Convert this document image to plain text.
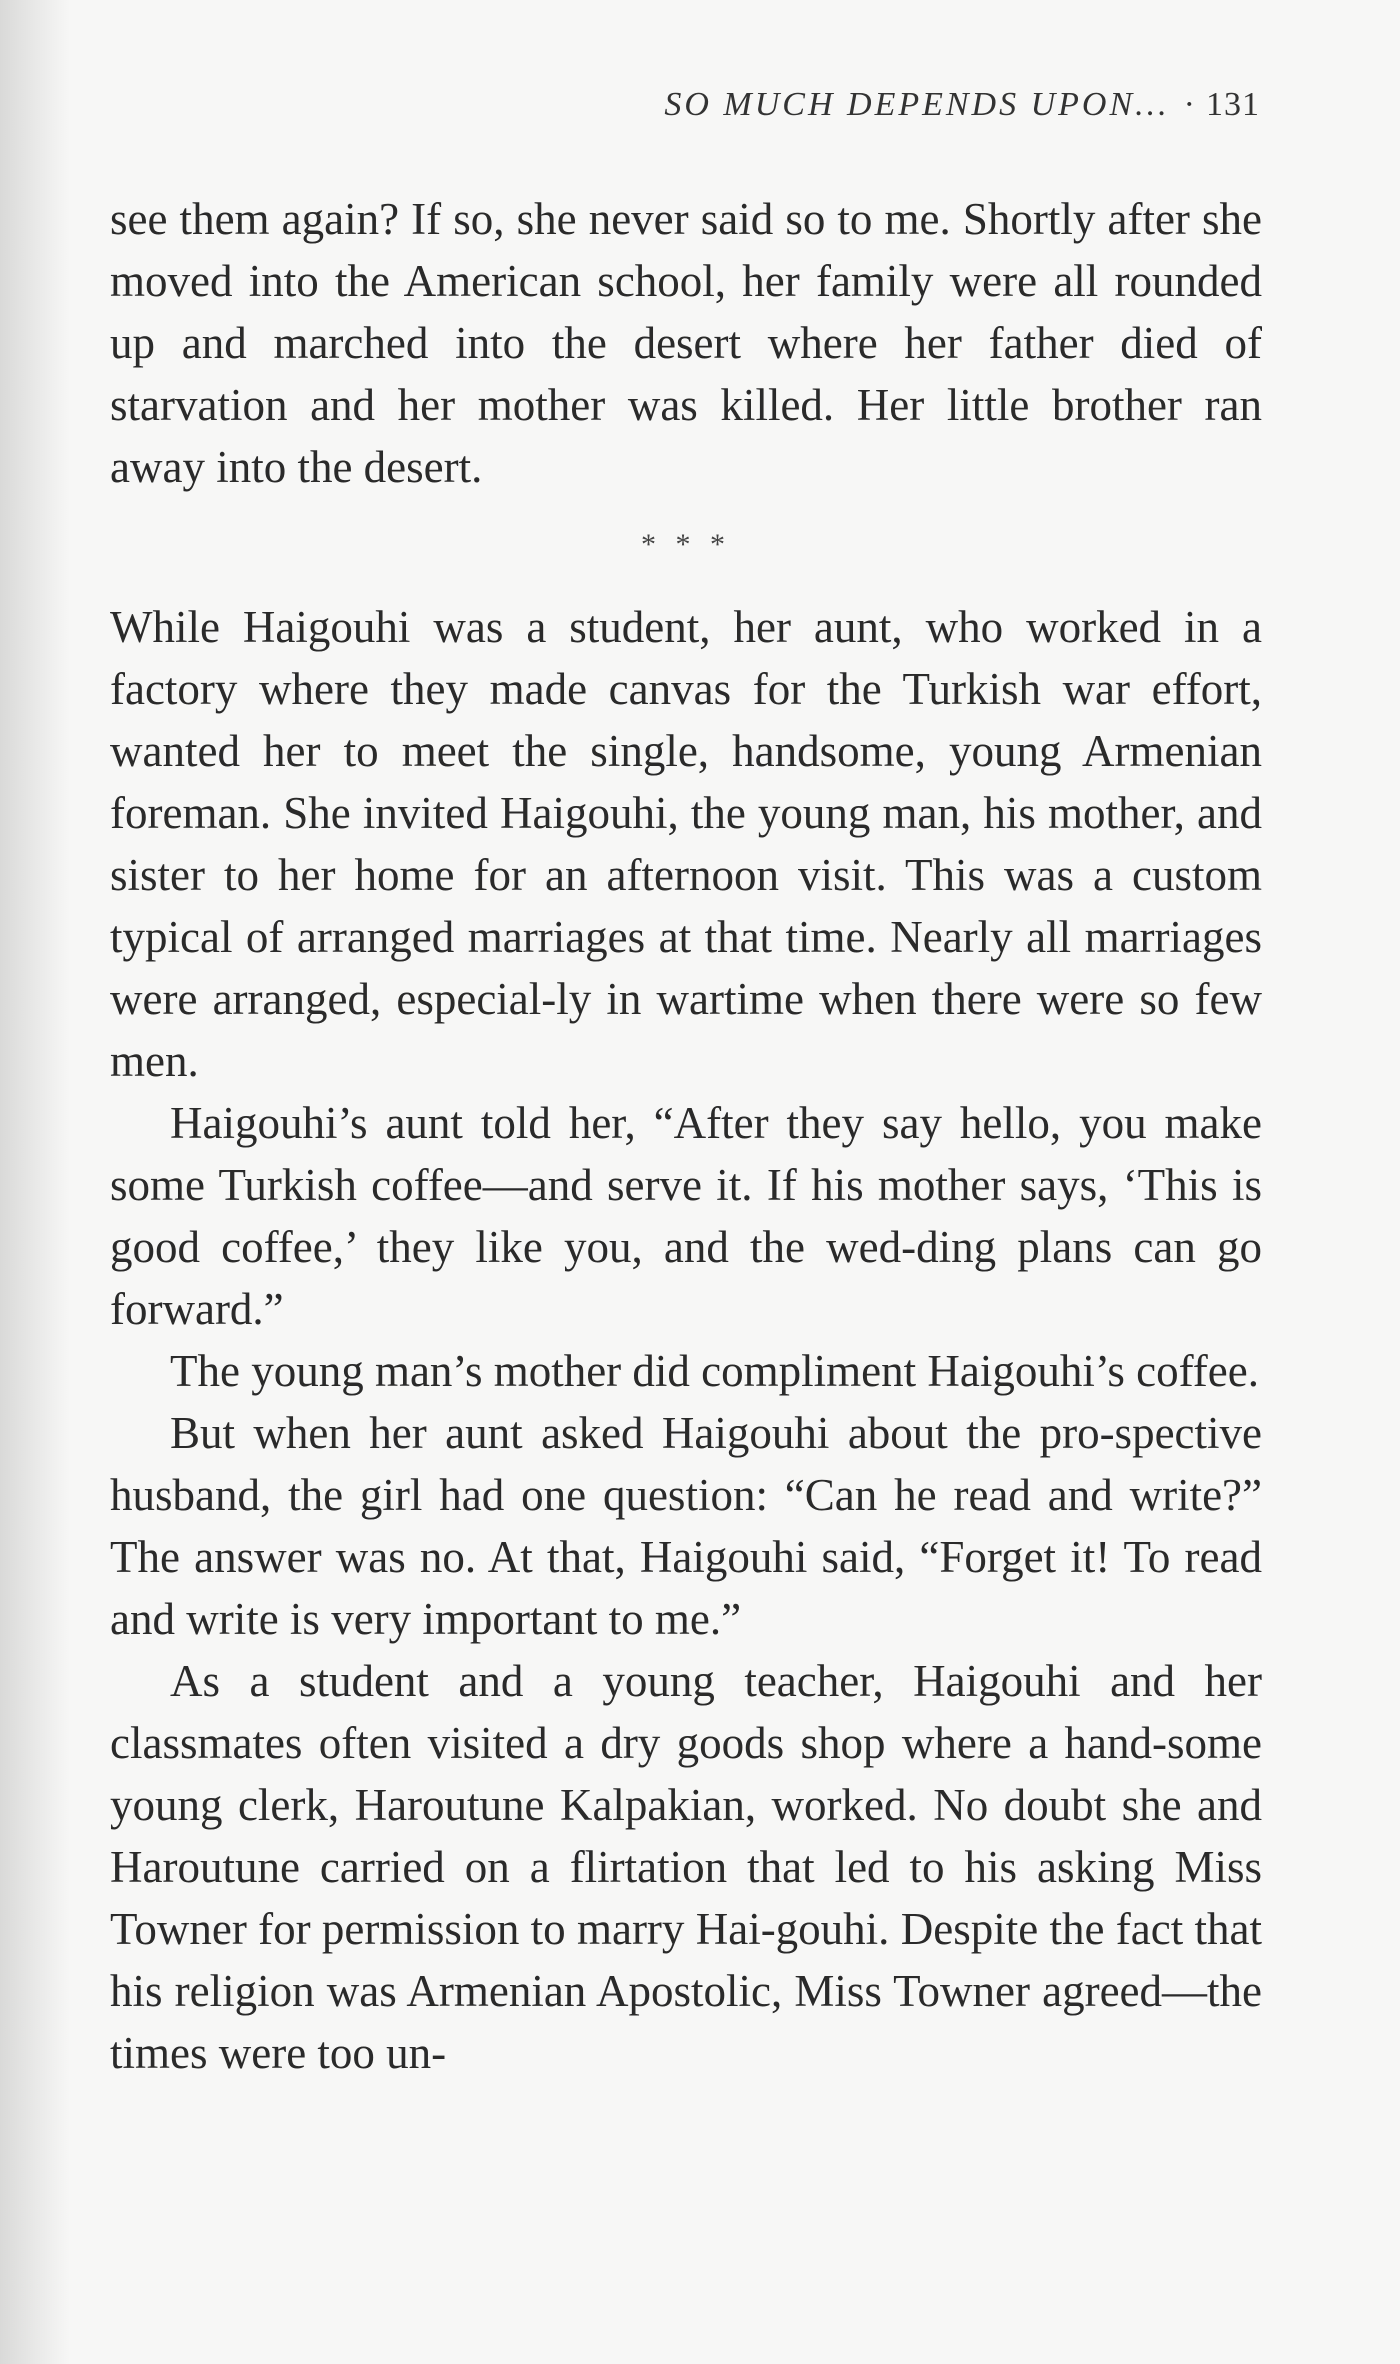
SO MUCH DEPENDS UPON... · 131

see them again? If so, she never said so to me. Shortly after she moved into the American school, her family were all rounded up and marched into the desert where her father died of starvation and her mother was killed. Her little brother ran away into the desert.

* * *

While Haigouhi was a student, her aunt, who worked in a factory where they made canvas for the Turkish war effort, wanted her to meet the single, handsome, young Armenian foreman. She invited Haigouhi, the young man, his mother, and sister to her home for an afternoon visit. This was a custom typical of arranged marriages at that time. Nearly all marriages were arranged, especial-ly in wartime when there were so few men.

Haigouhi’s aunt told her, “After they say hello, you make some Turkish coffee—and serve it. If his mother says, ‘This is good coffee,’ they like you, and the wed-ding plans can go forward.”

The young man’s mother did compliment Haigouhi’s coffee.

But when her aunt asked Haigouhi about the pro-spective husband, the girl had one question: “Can he read and write?” The answer was no. At that, Haigouhi said, “Forget it! To read and write is very important to me.”

As a student and a young teacher, Haigouhi and her classmates often visited a dry goods shop where a hand-some young clerk, Haroutune Kalpakian, worked. No doubt she and Haroutune carried on a flirtation that led to his asking Miss Towner for permission to marry Hai-gouhi. Despite the fact that his religion was Armenian Apostolic, Miss Towner agreed—the times were too un-
